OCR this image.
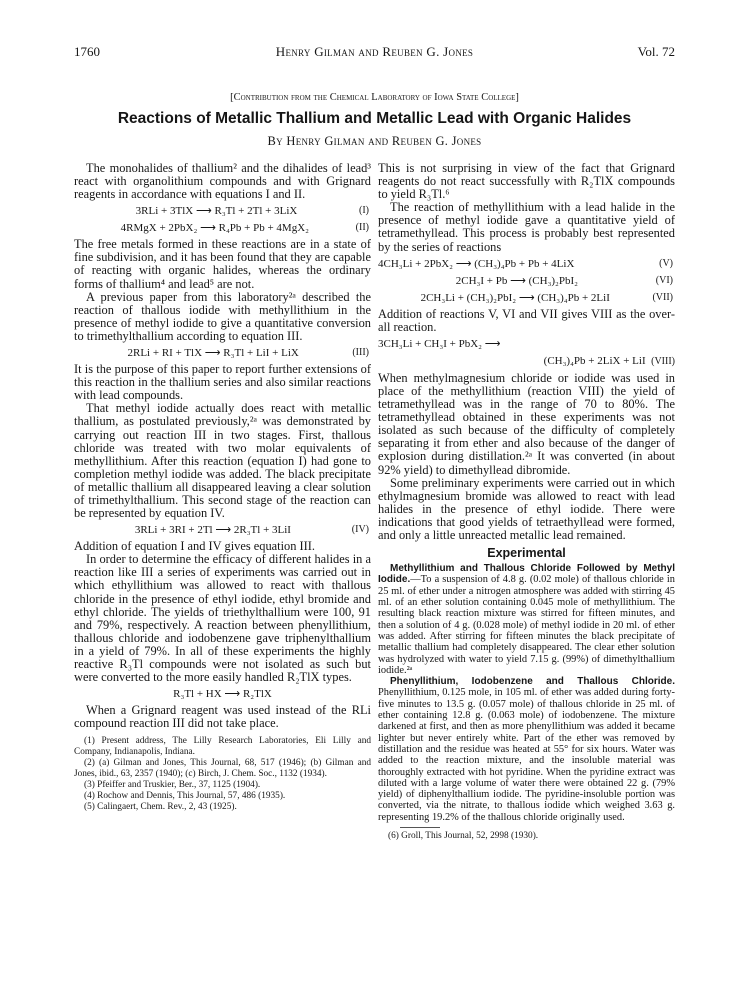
1760	Henry Gilman and Reuben G. Jones	Vol. 72
[Contribution from the Chemical Laboratory of Iowa State College]
Reactions of Metallic Thallium and Metallic Lead with Organic Halides
By Henry Gilman and Reuben G. Jones

The monohalides of thallium² and the dihalides of lead³ react with organolithium compounds and with Grignard reagents in accordance with equations I and II.

3RLi + 3TlX ⟶ R₃Tl + 2Tl + 3LiX	(I)
4RMgX + 2PbX₂ ⟶ R₄Pb + Pb + 4MgX₂	(II)

The free metals formed in these reactions are in a state of fine subdivision, and it has been found that they are capable of reacting with organic halides, whereas the ordinary forms of thallium⁴ and lead⁵ are not.

A previous paper from this laboratory²ᵃ described the reaction of thallous iodide with methyllithium in the presence of methyl iodide to give a quantitative conversion to trimethylthallium according to equation III.

2RLi + RI + TlX ⟶ R₃Tl + LiI + LiX	(III)

It is the purpose of this paper to report further extensions of this reaction in the thallium series and also similar reactions with lead compounds.

That methyl iodide actually does react with metallic thallium, as postulated previously,²ᵃ was demonstrated by carrying out reaction III in two stages. First, thallous chloride was treated with two molar equivalents of methyllithium. After this reaction (equation I) had gone to completion methyl iodide was added. The black precipitate of metallic thallium all disappeared leaving a clear solution of trimethylthallium. This second stage of the reaction can be represented by equation IV.

3RLi + 3RI + 2Tl ⟶ 2R₃Tl + 3LiI	(IV)

Addition of equation I and IV gives equation III.

In order to determine the efficacy of different halides in a reaction like III a series of experiments was carried out in which ethyllithium was allowed to react with thallous chloride in the presence of ethyl iodide, ethyl bromide and ethyl chloride. The yields of triethylthallium were 100, 91 and 79%, respectively. A reaction between phenyllithium, thallous chloride and iodobenzene gave triphenylthallium in a yield of 79%. In all of these experiments the highly reactive R₃Tl compounds were not isolated as such but were converted to the more easily handled R₂TlX types.

R₃Tl + HX ⟶ R₂TlX

When a Grignard reagent was used instead of the RLi compound reaction III did not take place.

(1) Present address, The Lilly Research Laboratories, Eli Lilly and Company, Indianapolis, Indiana.
(2) (a) Gilman and Jones, This Journal, 68, 517 (1946); (b) Gilman and Jones, ibid., 63, 2357 (1940); (c) Birch, J. Chem. Soc., 1132 (1934).
(3) Pfeiffer and Truskier, Ber., 37, 1125 (1904).
(4) Rochow and Dennis, This Journal, 57, 486 (1935).
(5) Calingaert, Chem. Rev., 2, 43 (1925).

This is not surprising in view of the fact that Grignard reagents do not react successfully with R₂TlX compounds to yield R₃Tl.⁶

The reaction of methyllithium with a lead halide in the presence of methyl iodide gave a quantitative yield of tetramethyllead. This process is probably best represented by the series of reactions

4CH₃Li + 2PbX₂ ⟶ (CH₃)₄Pb + Pb + 4LiX	(V)
2CH₃I + Pb ⟶ (CH₃)₂PbI₂	(VI)
2CH₃Li + (CH₃)₂PbI₂ ⟶ (CH₃)₄Pb + 2LiI	(VII)

Addition of reactions V, VI and VII gives VIII as the over-all reaction.

3CH₃Li + CH₃I + PbX₂ ⟶
(CH₃)₄Pb + 2LiX + LiI (VIII)

When methylmagnesium chloride or iodide was used in place of the methyllithium (reaction VIII) the yield of tetramethyllead was in the range of 70 to 80%. The tetramethyllead obtained in these experiments was not isolated as such because of the difficulty of completely separating it from ether and also because of the danger of explosion during distillation.²ᵃ It was converted (in about 92% yield) to dimethyllead dibromide.

Some preliminary experiments were carried out in which ethylmagnesium bromide was allowed to react with lead halides in the presence of ethyl iodide. There were indications that good yields of tetraethyllead were formed, and only a little unreacted metallic lead remained.

Experimental

Methyllithium and Thallous Chloride Followed by Methyl Iodide.—To a suspension of 4.8 g. (0.02 mole) of thallous chloride in 25 ml. of ether under a nitrogen atmosphere was added with stirring 45 ml. of an ether solution containing 0.045 mole of methyllithium. The resulting black reaction mixture was stirred for fifteen minutes, and then a solution of 4 g. (0.028 mole) of methyl iodide in 20 ml. of ether was added. After stirring for fifteen minutes the black precipitate of metallic thallium had completely disappeared. The clear ether solution was hydrolyzed with water to yield 7.15 g. (99%) of dimethylthallium iodide.²ᵃ

Phenyllithium, Iodobenzene and Thallous Chloride. Phenyllithium, 0.125 mole, in 105 ml. of ether was added during forty-five minutes to 13.5 g. (0.057 mole) of thallous chloride in 25 ml. of ether containing 12.8 g. (0.063 mole) of iodobenzene. The mixture darkened at first, and then as more phenyllithium was added it became lighter but never entirely white. Part of the ether was removed by distillation and the residue was heated at 55° for six hours. Water was added to the reaction mixture, and the insoluble material was thoroughly extracted with hot pyridine. When the pyridine extract was diluted with a large volume of water there were obtained 22 g. (79% yield) of diphenylthallium iodide. The pyridine-insoluble portion was converted, via the nitrate, to thallous iodide which weighed 3.63 g. representing 19.2% of the thallous chloride originally used.

(6) Groll, This Journal, 52, 2998 (1930).
